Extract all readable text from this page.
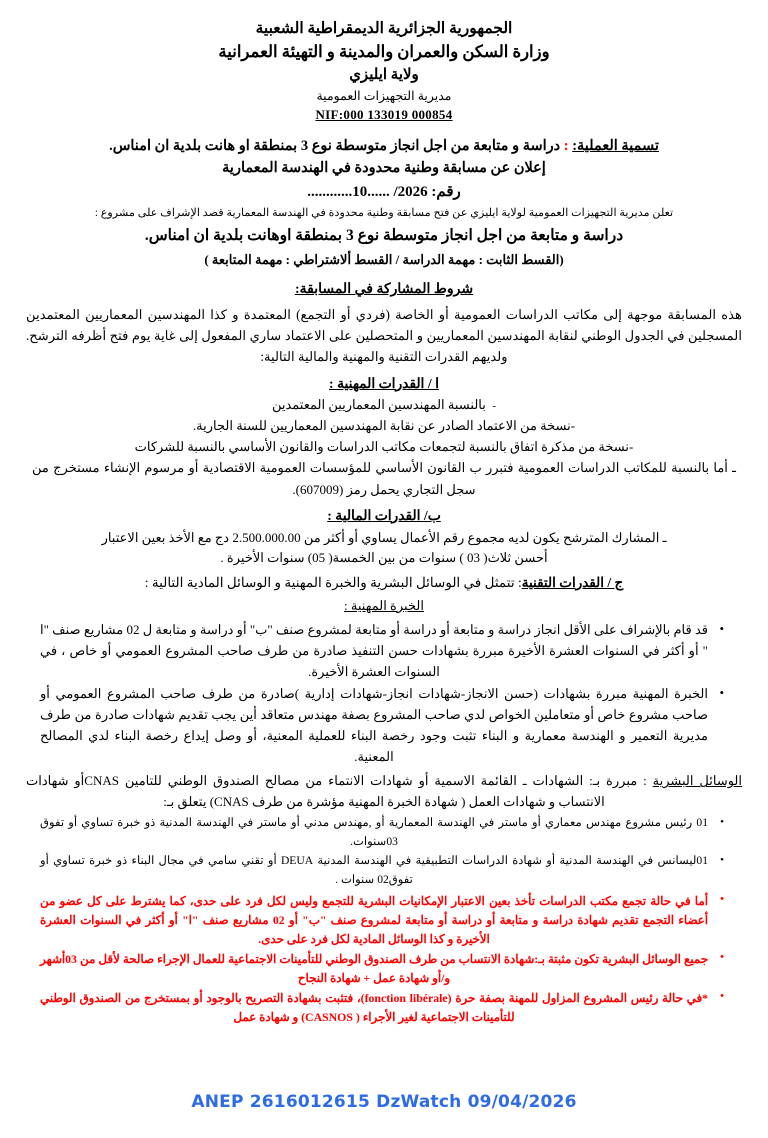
الجمهورية الجزائرية الديمقراطية الشعبية
وزارة السكن والعمران والمدينة و التهيئة العمرانية
ولاية ايليزي
مديرية التجهيزات العمومية
NIF:000 133019 000854
تسمية العملية: : دراسة و متابعة من اجل انجاز متوسطة نوع 3 بمنطقة او هانت بلدية ان امناس.
إعلان عن مسابقة وطنية محدودة في الهندسة المعمارية
رقم: ............10...... /2026
تعلن مديرية التجهيزات العمومية لولاية ايليزي عن فتح مسابقة وطنية محدودة في الهندسة المعمارية قصد الإشراف على مشروع :
دراسة و متابعة من اجل انجاز متوسطة نوع 3 بمنطقة اوهانت بلدية ان امناس.
(القسط الثابت : مهمة الدراسة / القسط ألاشتراطي : مهمة المتابعة )
شروط المشاركة في المسابقة:
هذه المسابقة موجهة إلى مكاتب الدراسات العمومية أو الخاصة (فردي أو التجمع) المعتمدة و كذا المهندسين المعماريين المعتمدين المسجلين في الجدول الوطني لنقابة المهندسين المعماريين و المتحصلين على الاعتماد ساري المفعول إلى غاية يوم فتح أظرفه الترشح. ولديهم القدرات التقنية والمهنية والمالية التالية:
ا / القدرات المهنية :
-  بالنسبة المهندسين المعماريين المعتمدين
-نسخة من الاعتماد الصادر عن نقابة المهندسين المعماريين للسنة الجارية.
-نسخة من مذكرة اتفاق بالنسبة لتجمعات مكاتب الدراسات والقانون الأساسي بالنسبة للشركات
ـ أما بالنسبة للمكاتب الدراسات العمومية فتبرر ب القانون الأساسي للمؤسسات العمومية الاقتصادية أو مرسوم الإنشاء مستخرج من سجل التجاري يحمل رمز (607009).
ب/ القدرات المالية :
ـ المشارك المترشح يكون لديه مجموع رقم الأعمال يساوي أو أكثر من 2.500.000.00 دج مع الأخذ بعين الاعتبار
أحسن ثلاث( 03 ) سنوات من بين الخمسة( 05) سنوات الأخيرة .
ج / القدرات التقنية: تتمثل في الوسائل البشرية والخبرة المهنية و الوسائل المادية التالية :
الخبرة المهنية :
• قد قام بالإشراف على الأقل انجاز دراسة و متابعة أو دراسة أو متابعة لمشروع صنف "ب" أو دراسة و متابعة ل 02 مشاريع صنف "ا " أو أكثر في السنوات العشرة الأخيرة مبررة بشهادات حسن التنفيذ صادرة من طرف صاحب المشروع العمومي أو خاص ، في السنوات العشرة الأخيرة.
• الخبرة المهنية مبررة بشهادات (حسن الانجاز-شهادات انجاز-شهادات إدارية )صادرة من طرف صاحب المشروع العمومي أو صاحب مشروع خاص أو متعاملين الخواص لدي صاحب المشروع بصفة مهندس متعاقد أين يجب تقديم شهادات صادرة من طرف مديرية التعمير و الهندسة معمارية و البناء تثبت وجود رخصة البناء للعملية المعنية، أو وصل إيداع رخصة البناء لدي المصالح المعنية.
الوسائل البشرية : مبررة بـ: الشهادات ـ القائمة الاسمية أو شهادات الانتماء من مصالح الصندوق الوطني للتامين CNASأو شهادات الانتساب و شهادات العمل ( شهادة الخبرة المهنية مؤشرة من طرف CNAS) يتعلق بـ:
• 01 رئيس مشروع مهندس معماري أو ماستر في الهندسة المعمارية أو ,مهندس مدني أو ماستر في الهندسة المدنية ذو خبرة تساوي أو تفوق 03سنوات.
• 01ليسانس في الهندسة المدنية أو شهادة الدراسات التطبيقية في الهندسة المدنية DEUA أو تقني سامي في مجال البناء ذو خبرة تساوي أو تفوق02 سنوات .
• أما في حالة تجمع مكتب الدراسات تأخذ بعين الاعتبار الإمكانيات البشرية للتجمع وليس لكل فرد على حدى، كما يشترط على كل عضو من أعضاء التجمع تقديم شهادة دراسة و متابعة أو دراسة أو متابعة لمشروع صنف "ب" أو 02 مشاريع صنف "ا" أو أكثر في السنوات العشرة الأخيرة و كذا الوسائل المادية لكل فرد على حدى.
• جميع الوسائل البشرية تكون مثبتة بـ:شهادة الانتساب من طرف الصندوق الوطني للتأمينات الاجتماعية للعمال الإجراء صالحة لأقل من 03أشهر و/أو شهادة عمل + شهادة النجاح
• *في حالة رئيس المشروع المزاول للمهنة بصفة حرة (fonction libérale)، فتثبت بشهادة التصريح بالوجود أو بمستخرج من الصندوق الوطني للتأمينات الاجتماعية لغير الأجراء ( CASNOS) و شهادة عمل
ANEP 2616012615 DzWatch 09/04/2026
